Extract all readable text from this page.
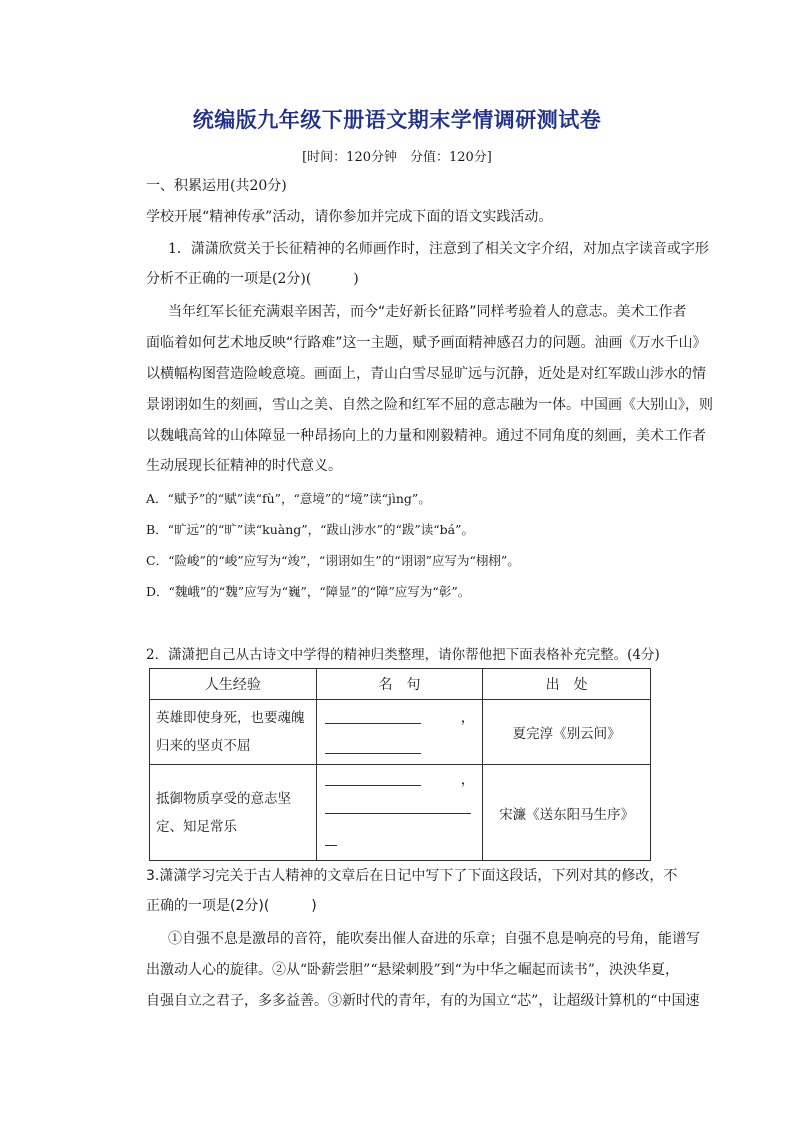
统编版九年级下册语文期末学情调研测试卷
[时间：120分钟　分值：120分]
一、积累运用(共20分)
学校开展“精神传承”活动，请你参加并完成下面的语文实践活动。
1．潇潇欣赏关于长征精神的名师画作时，注意到了相关文字介绍，对加点字读音或字形
分析不正确的一项是(2分)(　　　)
当年红军长征充满艰辛困苦，而今“走好新长征路”同样考验着人的意志。美术工作者
面临着如何艺术地反映“行路难”这一主题，赋予画面精神感召力的问题。油画《万水千山》
以横幅构图营造险峻意境。画面上，青山白雪尽显旷远与沉静，近处是对红军跋山涉水的情
景诩诩如生的刻画，雪山之美、自然之险和红军不屈的意志融为一体。中国画《大别山》，则
以魏峨高耸的山体障显一种昂扬向上的力量和刚毅精神。通过不同角度的刻画，美术工作者
生动展现长征精神的时代意义。
A．“赋予”的“赋”读“fù”，“意境”的“境”读“jìng”。
B．“旷远”的“旷”读“kuàng”，“跋山涉水”的“跋”读“bá”。
C．“险峻”的“峻”应写为“竣”，“诩诩如生”的“诩诩”应写为“栩栩”。
D．“魏峨”的“魏”应写为“巍”，“障显”的“障”应写为“彰”。
2．潇潇把自己从古诗文中学得的精神归类整理，请你帮他把下面表格补充完整。(4分)
人生经验	名　句	出　处

英雄即使身死，也要魂魄
归来的坚贞不屈	，	夏完淳《别云间》

抵御物质享受的意志坚
定、知足常乐	，	宋濂《送东阳马生序》
3.潇潇学习完关于古人精神的文章后在日记中写下了下面这段话，下列对其的修改，不
正确的一项是(2分)(　　　)
①自强不息是激昂的音符，能吹奏出催人奋进的乐章；自强不息是响亮的号角，能谱写
出激动人心的旋律。②从“卧薪尝胆”“悬梁刺股”到“为中华之崛起而读书”，泱泱华夏，
自强自立之君子，多多益善。③新时代的青年，有的为国立“芯”，让超级计算机的“中国速
